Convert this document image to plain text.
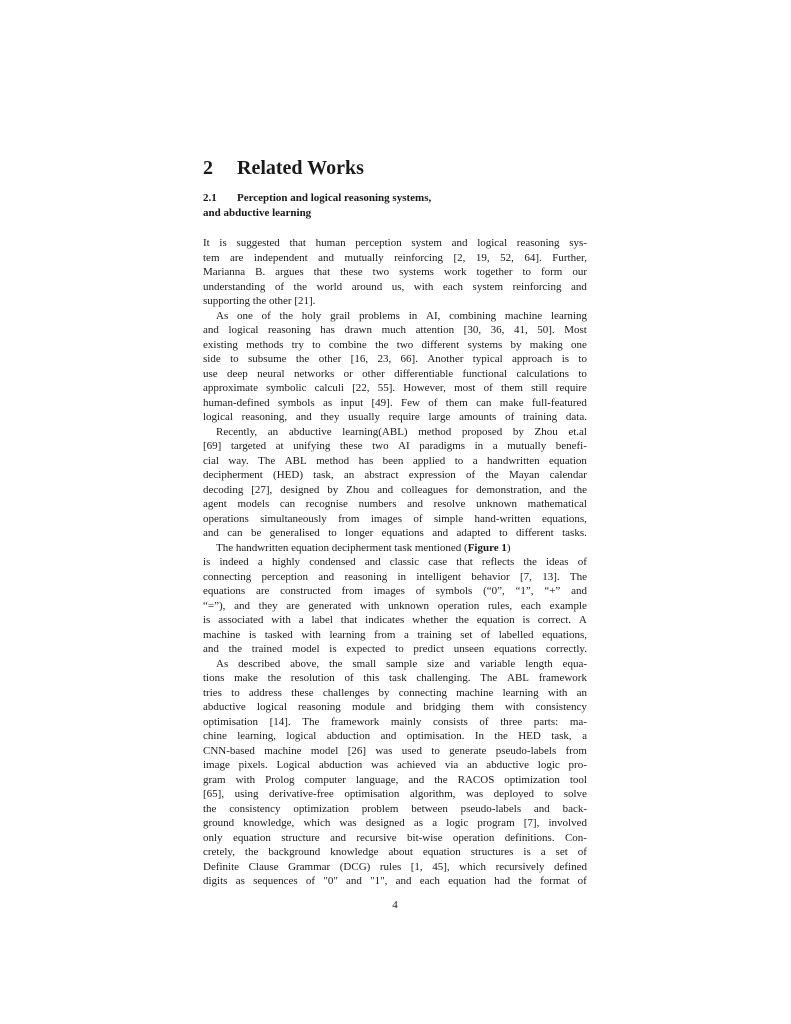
2 Related Works
2.1 Perception and logical reasoning systems,
and abductive learning
It is suggested that human perception system and logical reasoning sys-
tem are independent and mutually reinforcing [2, 19, 52, 64]. Further,
Marianna B. argues that these two systems work together to form our
understanding of the world around us, with each system reinforcing and
supporting the other [21].
As one of the holy grail problems in AI, combining machine learning
and logical reasoning has drawn much attention [30, 36, 41, 50]. Most
existing methods try to combine the two different systems by making one
side to subsume the other [16, 23, 66]. Another typical approach is to
use deep neural networks or other differentiable functional calculations to
approximate symbolic calculi [22, 55]. However, most of them still require
human-defined symbols as input [49]. Few of them can make full-featured
logical reasoning, and they usually require large amounts of training data.
Recently, an abductive learning(ABL) method proposed by Zhou et.al
[69] targeted at unifying these two AI paradigms in a mutually benefi-
cial way. The ABL method has been applied to a handwritten equation
decipherment (HED) task, an abstract expression of the Mayan calendar
decoding [27], designed by Zhou and colleagues for demonstration, and the
agent models can recognise numbers and resolve unknown mathematical
operations simultaneously from images of simple hand-written equations,
and can be generalised to longer equations and adapted to different tasks.
The handwritten equation decipherment task mentioned ( Figure 1 )
is indeed a highly condensed and classic case that reflects the ideas of
connecting perception and reasoning in intelligent behavior [7, 13]. The
equations are constructed from images of symbols (“0”, “1”, “+” and
“=”), and they are generated with unknown operation rules, each example
is associated with a label that indicates whether the equation is correct. A
machine is tasked with learning from a training set of labelled equations,
and the trained model is expected to predict unseen equations correctly.
As described above, the small sample size and variable length equa-
tions make the resolution of this task challenging. The ABL framework
tries to address these challenges by connecting machine learning with an
abductive logical reasoning module and bridging them with consistency
optimisation [14]. The framework mainly consists of three parts: ma-
chine learning, logical abduction and optimisation. In the HED task, a
CNN-based machine model [26] was used to generate pseudo-labels from
image pixels. Logical abduction was achieved via an abductive logic pro-
gram with Prolog computer language, and the RACOS optimization tool
[65], using derivative-free optimisation algorithm, was deployed to solve
the consistency optimization problem between pseudo-labels and back-
ground knowledge, which was designed as a logic program [7], involved
only equation structure and recursive bit-wise operation definitions. Con-
cretely, the background knowledge about equation structures is a set of
Definite Clause Grammar (DCG) rules [1, 45], which recursively defined
digits as sequences of "0" and "1", and each equation had the format of
4
